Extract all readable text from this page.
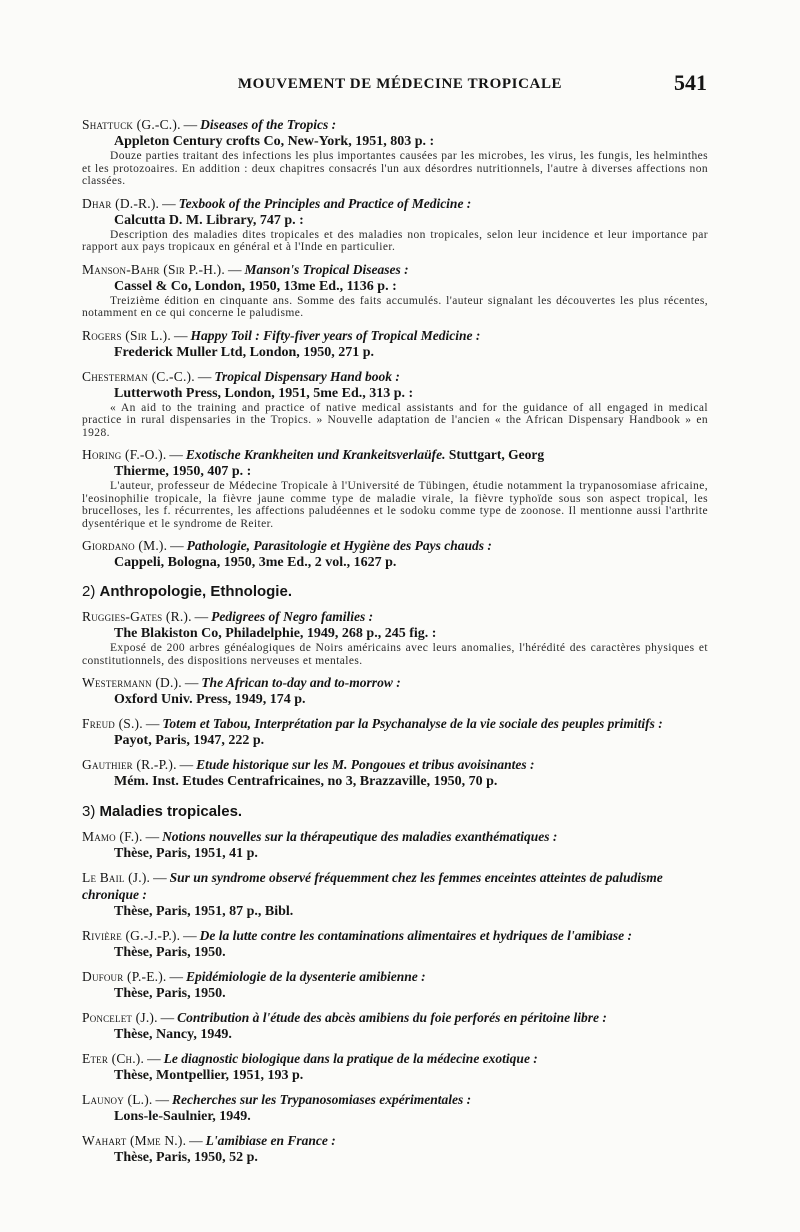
MOUVEMENT DE MÉDECINE TROPICALE	541
Shattuck (G.-C.). — Diseases of the Tropics :
Appleton Century crofts Co, New-York, 1951, 803 p. :
Douze parties traitant des infections les plus importantes causées par les microbes, les virus, les fungis, les helminthes et les protozoaires. En addition : deux chapitres consacrés l'un aux désordres nutritionnels, l'autre à diverses affections non classées.
Dhar (D.-R.). — Texbook of the Principles and Practice of Medicine :
Calcutta D. M. Library, 747 p. :
Description des maladies dites tropicales et des maladies non tropicales, selon leur incidence et leur importance par rapport aux pays tropicaux en général et à l'Inde en particulier.
Manson-Bahr (Sir P.-H.). — Manson's Tropical Diseases :
Cassel & Co, London, 1950, 13me Ed., 1136 p. :
Treizième édition en cinquante ans. Somme des faits accumulés. l'auteur signalant les découvertes les plus récentes, notamment en ce qui concerne le paludisme.
Rogers (Sir L.). — Happy Toil : Fifty-fiver years of Tropical Medicine :
Frederick Muller Ltd, London, 1950, 271 p.
Chesterman (C.-C.). — Tropical Dispensary Hand book :
Lutterwoth Press, London, 1951, 5me Ed., 313 p. :
« An aid to the training and practice of native medical assistants and for the guidance of all engaged in medical practice in rural dispensaries in the Tropics. » Nouvelle adaptation de l'ancien « the African Dispensary Handbook » en 1928.
Horing (F.-O.). — Exotische Krankheiten und Krankeitsverlaüfe. Stuttgart, Georg
Thierme, 1950, 407 p. :
L'auteur, professeur de Médecine Tropicale à l'Université de Tübingen, étudie notamment la trypanosomiase africaine, l'eosinophilie tropicale, la fièvre jaune comme type de maladie virale, la fièvre typhoïde sous son aspect tropical, les brucelloses, les f. récurrentes, les affections paludéennes et le sodoku comme type de zoonose. Il mentionne aussi l'arthrite dysentérique et le syndrome de Reiter.
Giordano (M.). — Pathologie, Parasitologie et Hygiène des Pays chauds :
Cappeli, Bologna, 1950, 3me Ed., 2 vol., 1627 p.
2) Anthropologie, Ethnologie.
Ruggies-Gates (R.). — Pedigrees of Negro families :
The Blakiston Co, Philadelphie, 1949, 268 p., 245 fig. :
Exposé de 200 arbres généalogiques de Noirs américains avec leurs anomalies, l'hérédité des caractères physiques et constitutionnels, des dispositions nerveuses et mentales.
Westermann (D.). — The African to-day and to-morrow :
Oxford Univ. Press, 1949, 174 p.
Freud (S.). — Totem et Tabou, Interprétation par la Psychanalyse de la vie sociale des peuples primitifs :
Payot, Paris, 1947, 222 p.
Gauthier (R.-P.). — Etude historique sur les M. Pongoues et tribus avoisinantes :
Mém. Inst. Etudes Centrafricaines, no 3, Brazzaville, 1950, 70 p.
3) Maladies tropicales.
Mamo (F.). — Notions nouvelles sur la thérapeutique des maladies exanthématiques :
Thèse, Paris, 1951, 41 p.
Le Bail (J.). — Sur un syndrome observé fréquemment chez les femmes enceintes atteintes de paludisme chronique :
Thèse, Paris, 1951, 87 p., Bibl.
Rivière (G.-J.-P.). — De la lutte contre les contaminations alimentaires et hydriques de l'amibiase :
Thèse, Paris, 1950.
Dufour (P.-E.). — Epidémiologie de la dysenterie amibienne :
Thèse, Paris, 1950.
Poncelet (J.). — Contribution à l'étude des abcès amibiens du foie perforés en péritoine libre :
Thèse, Nancy, 1949.
Eter (Ch.). — Le diagnostic biologique dans la pratique de la médecine exotique :
Thèse, Montpellier, 1951, 193 p.
Launoy (L.). — Recherches sur les Trypanosomiases expérimentales :
Lons-le-Saulnier, 1949.
Wahart (Mme N.). — L'amibiase en France :
Thèse, Paris, 1950, 52 p.
